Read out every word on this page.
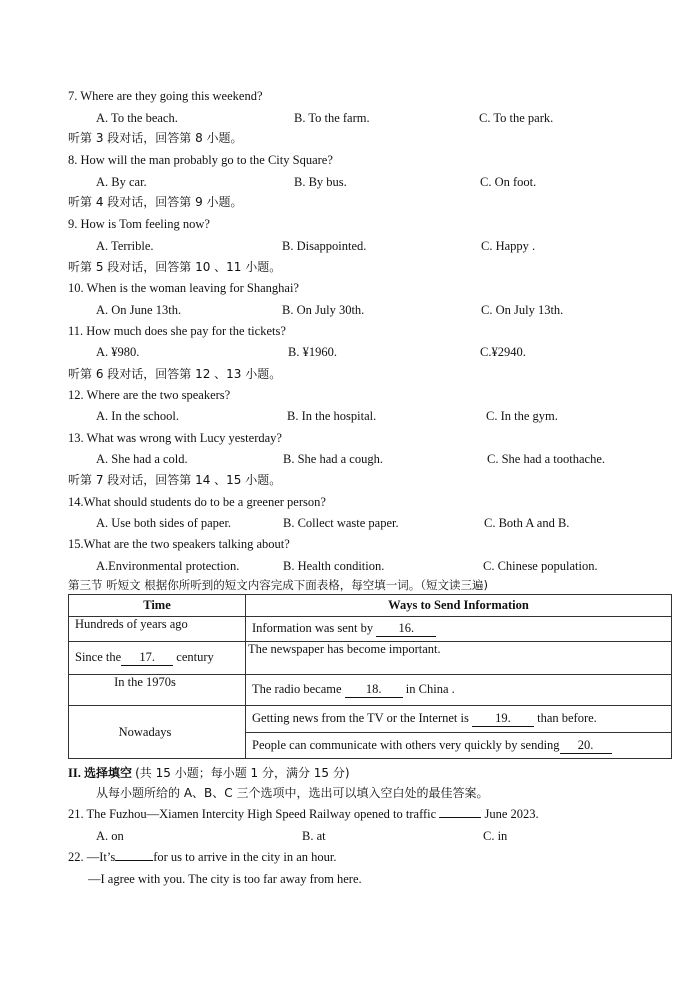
7. Where are they going this weekend?
A. To the beach.	B. To the farm.	C. To the park.
听第 3 段对话，回答第 8 小题。
8. How will the man probably go to the City Square?
A. By car.	B. By bus.	C. On foot.
听第 4 段对话，回答第 9 小题。
9. How is Tom feeling now?
A. Terrible.	B. Disappointed.	C. Happy .
听第 5 段对话，回答第 10 、11 小题。
10. When is the woman leaving for Shanghai?
A. On June 13th.	B. On July 30th.	C. On July 13th.
11. How much does she pay for the tickets?
A. ¥980.	B. ¥1960.	C.¥2940.
听第 6 段对话，回答第 12 、13 小题。
12. Where are the two speakers?
A. In the school.	B. In the hospital.	C. In the gym.
13. What was wrong with Lucy yesterday?
A. She had a cold.	B. She had a cough.	C. She had a toothache.
听第 7 段对话，回答第 14 、15 小题。
14.What should students do to be a greener person?
A. Use both sides of paper.	B. Collect waste paper.	C. Both A and B.
15.What are the two speakers talking about?
A.Environmental protection.	B. Health condition.	C. Chinese population.
第三节 听短文 根据你所听到的短文内容完成下面表格，每空填一词。（短文读三遍)
Time	Ways to Send Information
Hundreds of years ago	Information was sent by 16.
Since the 17. century	The newspaper has become important.
In the 1970s	The radio became 18. in China .
Nowadays	Getting news from the TV or the Internet is 19. than before.
	People can communicate with others very quickly by sending 20.
II. 选择填空 (共 15 小题；每小题 1 分，满分 15 分)
从每小题所给的 A、B、C 三个选项中，选出可以填入空白处的最佳答案。
21. The Fuzhou—Xiamen Intercity High Speed Railway opened to traffic	June 2023.
A. on	B. at	C. in
22. —It’s	for us to arrive in the city in an hour.
—I agree with you. The city is too far away from here.
